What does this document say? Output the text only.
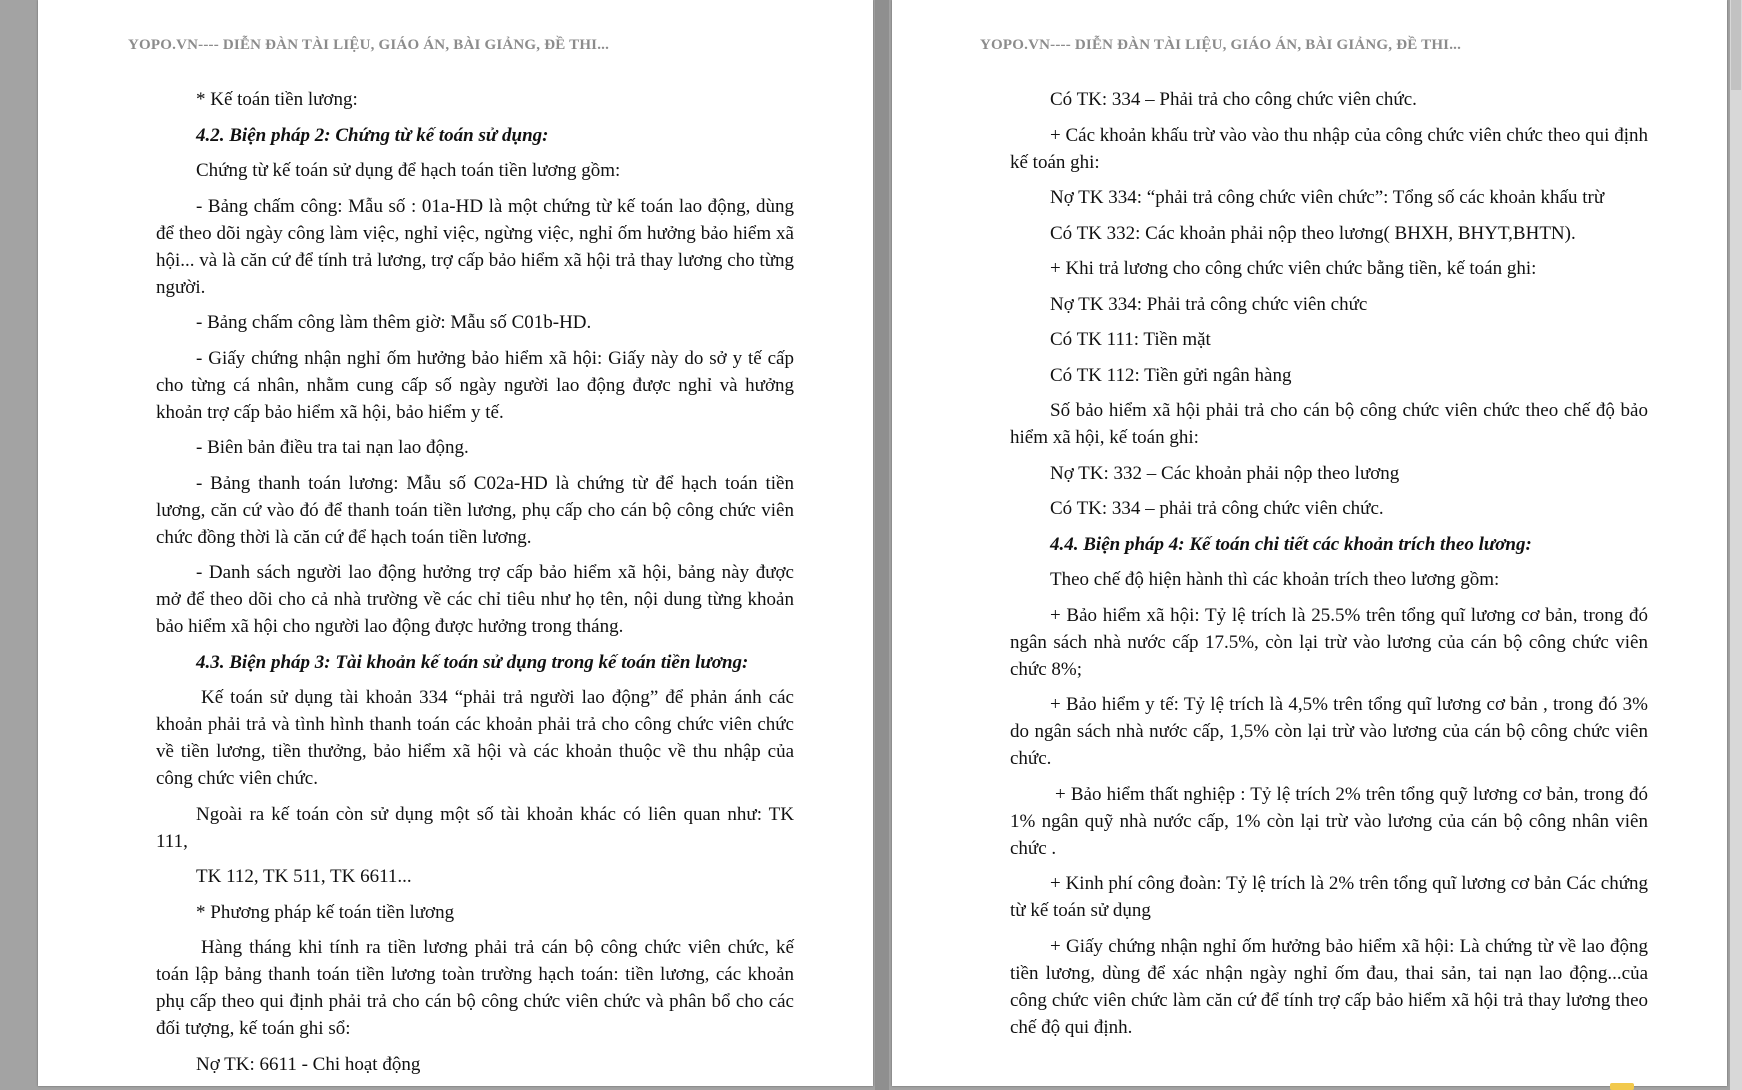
YOPO.VN---- DIỄN ĐÀN TÀI LIỆU, GIÁO ÁN, BÀI GIẢNG, ĐỀ THI...

* Kế toán tiền lương:

4.2. Biện pháp 2: Chứng từ kế toán sử dụng:

Chứng từ kế toán sử dụng để hạch toán tiền lương gồm:

- Bảng chấm công: Mẫu số : 01a-HD là một chứng từ kế toán lao động, dùng để theo dõi ngày công làm việc, nghỉ việc, ngừng việc, nghỉ ốm hưởng bảo hiểm xã hội... và là căn cứ để tính trả lương, trợ cấp bảo hiểm xã hội trả thay lương cho từng người.

- Bảng chấm công làm thêm giờ: Mẫu số C01b-HD.

- Giấy chứng nhận nghỉ ốm hưởng bảo hiểm xã hội: Giấy này do sở y tế cấp cho từng cá nhân, nhằm cung cấp số ngày người lao động được nghỉ và hưởng khoản trợ cấp bảo hiểm xã hội, bảo hiểm y tế.

- Biên bản điều tra tai nạn lao động.

- Bảng thanh toán lương: Mẫu số C02a-HD là chứng từ để hạch toán tiền lương, căn cứ vào đó để thanh toán tiền lương, phụ cấp cho cán bộ công chức viên chức đồng thời là căn cứ để hạch toán tiền lương.

- Danh sách người lao động hưởng trợ cấp bảo hiểm xã hội, bảng này được mở để theo dõi cho cả nhà trường về các chỉ tiêu như họ tên, nội dung từng khoản bảo hiểm xã hội cho người lao động được hưởng trong tháng.

4.3. Biện pháp 3: Tài khoản kế toán sử dụng trong kế toán tiền lương:

Kế toán sử dụng tài khoản 334 “phải trả người lao động” để phản ánh các khoản phải trả và tình hình thanh toán các khoản phải trả cho công chức viên chức về tiền lương, tiền thưởng, bảo hiểm xã hội và các khoản thuộc về thu nhập của công chức viên chức.

Ngoài ra kế toán còn sử dụng một số tài khoản khác có liên quan như: TK 111,

TK 112, TK 511, TK 6611...

* Phương pháp kế toán tiền lương

Hàng tháng khi tính ra tiền lương phải trả cán bộ công chức viên chức, kế toán lập bảng thanh toán tiền lương toàn trường hạch toán: tiền lương, các khoản phụ cấp theo qui định phải trả cho cán bộ công chức viên chức và phân bổ cho các đối tượng, kế toán ghi sổ:

Nợ TK: 6611 - Chi hoạt động

YOPO.VN---- DIỄN ĐÀN TÀI LIỆU, GIÁO ÁN, BÀI GIẢNG, ĐỀ THI...

Có TK: 334 – Phải trả cho công chức viên chức.

+ Các khoản khấu trừ vào vào thu nhập của công chức viên chức theo qui định kế toán ghi:

Nợ TK 334: “phải trả công chức viên chức”: Tổng số các khoản khấu trừ

Có TK 332: Các khoản phải nộp theo lương( BHXH, BHYT,BHTN).

+ Khi trả lương cho công chức viên chức bằng tiền, kế toán ghi:

Nợ TK 334: Phải trả công chức viên chức

Có TK 111: Tiền mặt

Có TK 112: Tiền gửi ngân hàng

Số bảo hiểm xã hội phải trả cho cán bộ công chức viên chức theo chế độ bảo hiểm xã hội, kế toán ghi:

Nợ TK: 332 – Các khoản phải nộp theo lương

Có TK: 334 – phải trả công chức viên chức.

4.4. Biện pháp 4: Kế toán chi tiết các khoản trích theo lương:

Theo chế độ hiện hành thì các khoản trích theo lương gồm:

+ Bảo hiểm xã hội: Tỷ lệ trích là 25.5% trên tổng quĩ lương cơ bản, trong đó ngân sách nhà nước cấp 17.5%, còn lại trừ vào lương của cán bộ công chức viên chức 8%;

+ Bảo hiểm y tế: Tỷ lệ trích là 4,5% trên tổng quĩ lương cơ bản , trong đó 3% do ngân sách nhà nước cấp, 1,5% còn lại trừ vào lương của cán bộ công chức viên chức.

+ Bảo hiểm thất nghiệp : Tỷ lệ trích 2% trên tổng quỹ lương cơ bản, trong đó 1% ngân quỹ nhà nước cấp, 1% còn lại trừ vào lương của cán bộ công nhân viên chức .

+ Kinh phí công đoàn: Tỷ lệ trích là 2% trên tổng quĩ lương cơ bản Các chứng từ kế toán sử dụng

+ Giấy chứng nhận nghỉ ốm hưởng bảo hiểm xã hội: Là chứng từ về lao động tiền lương, dùng để xác nhận ngày nghỉ ốm đau, thai sản, tai nạn lao động...của công chức viên chức làm căn cứ để tính trợ cấp bảo hiểm xã hội trả thay lương theo chế độ qui định.
